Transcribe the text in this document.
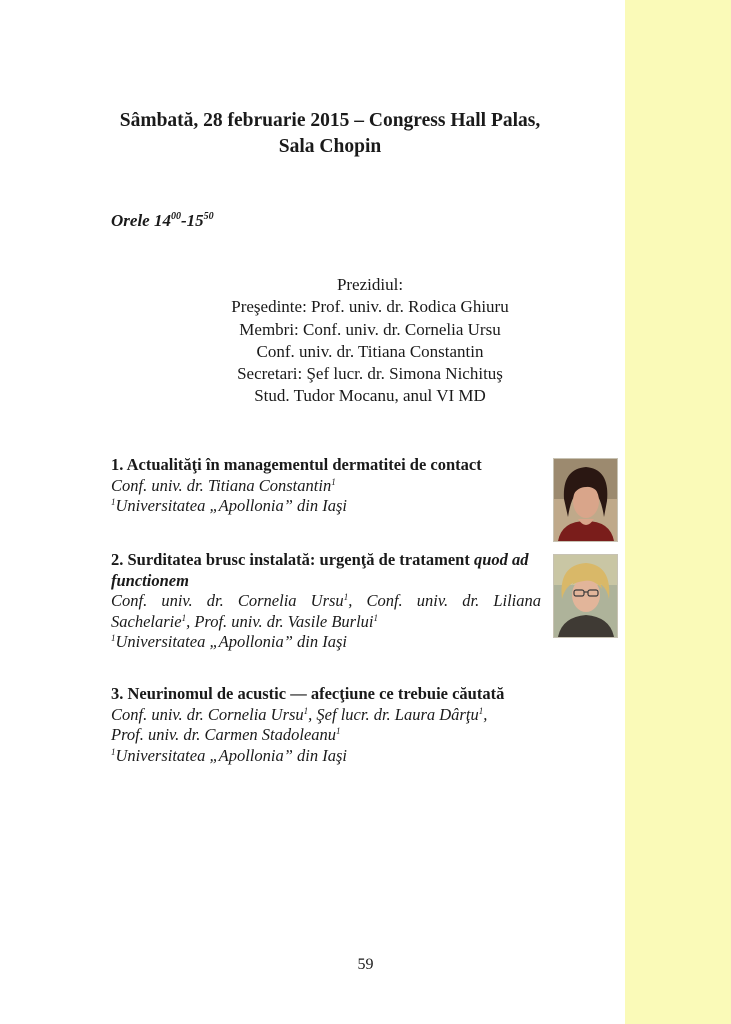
Sâmbată, 28 februarie 2015 – Congress Hall Palas,
Sala Chopin
Orele $14^{00}-15^{50}$
Prezidiul:
Preşedinte: Prof. univ. dr. Rodica Ghiuru
Membri: Conf. univ. dr. Cornelia Ursu
Conf. univ. dr. Titiana Constantin
Secretari: Şef lucr. dr. Simona Nichituş
Stud. Tudor Mocanu, anul VI MD
1. Actualităţi în managementul dermatitei de contact
Conf. univ. dr. Titiana Constantin$^1$
$^1$Universitatea „Apollonia” din Iaşi
2. Surditatea brusc instalată: urgenţă de tratament quod ad functionem
Conf. univ. dr. Cornelia Ursu$^1$, Conf. univ. dr. Liliana Sachelarie$^1$, Prof. univ. dr. Vasile Burlui$^1$
$^1$Universitatea „Apollonia” din Iaşi
3. Neurinomul de acustic — afecţiune ce trebuie căutată
Conf. univ. dr. Cornelia Ursu$^1$, Şef lucr. dr. Laura Dârţu$^1$,
Prof. univ. dr. Carmen Stadoleanu$^1$
$^1$Universitatea „Apollonia” din Iaşi
59
